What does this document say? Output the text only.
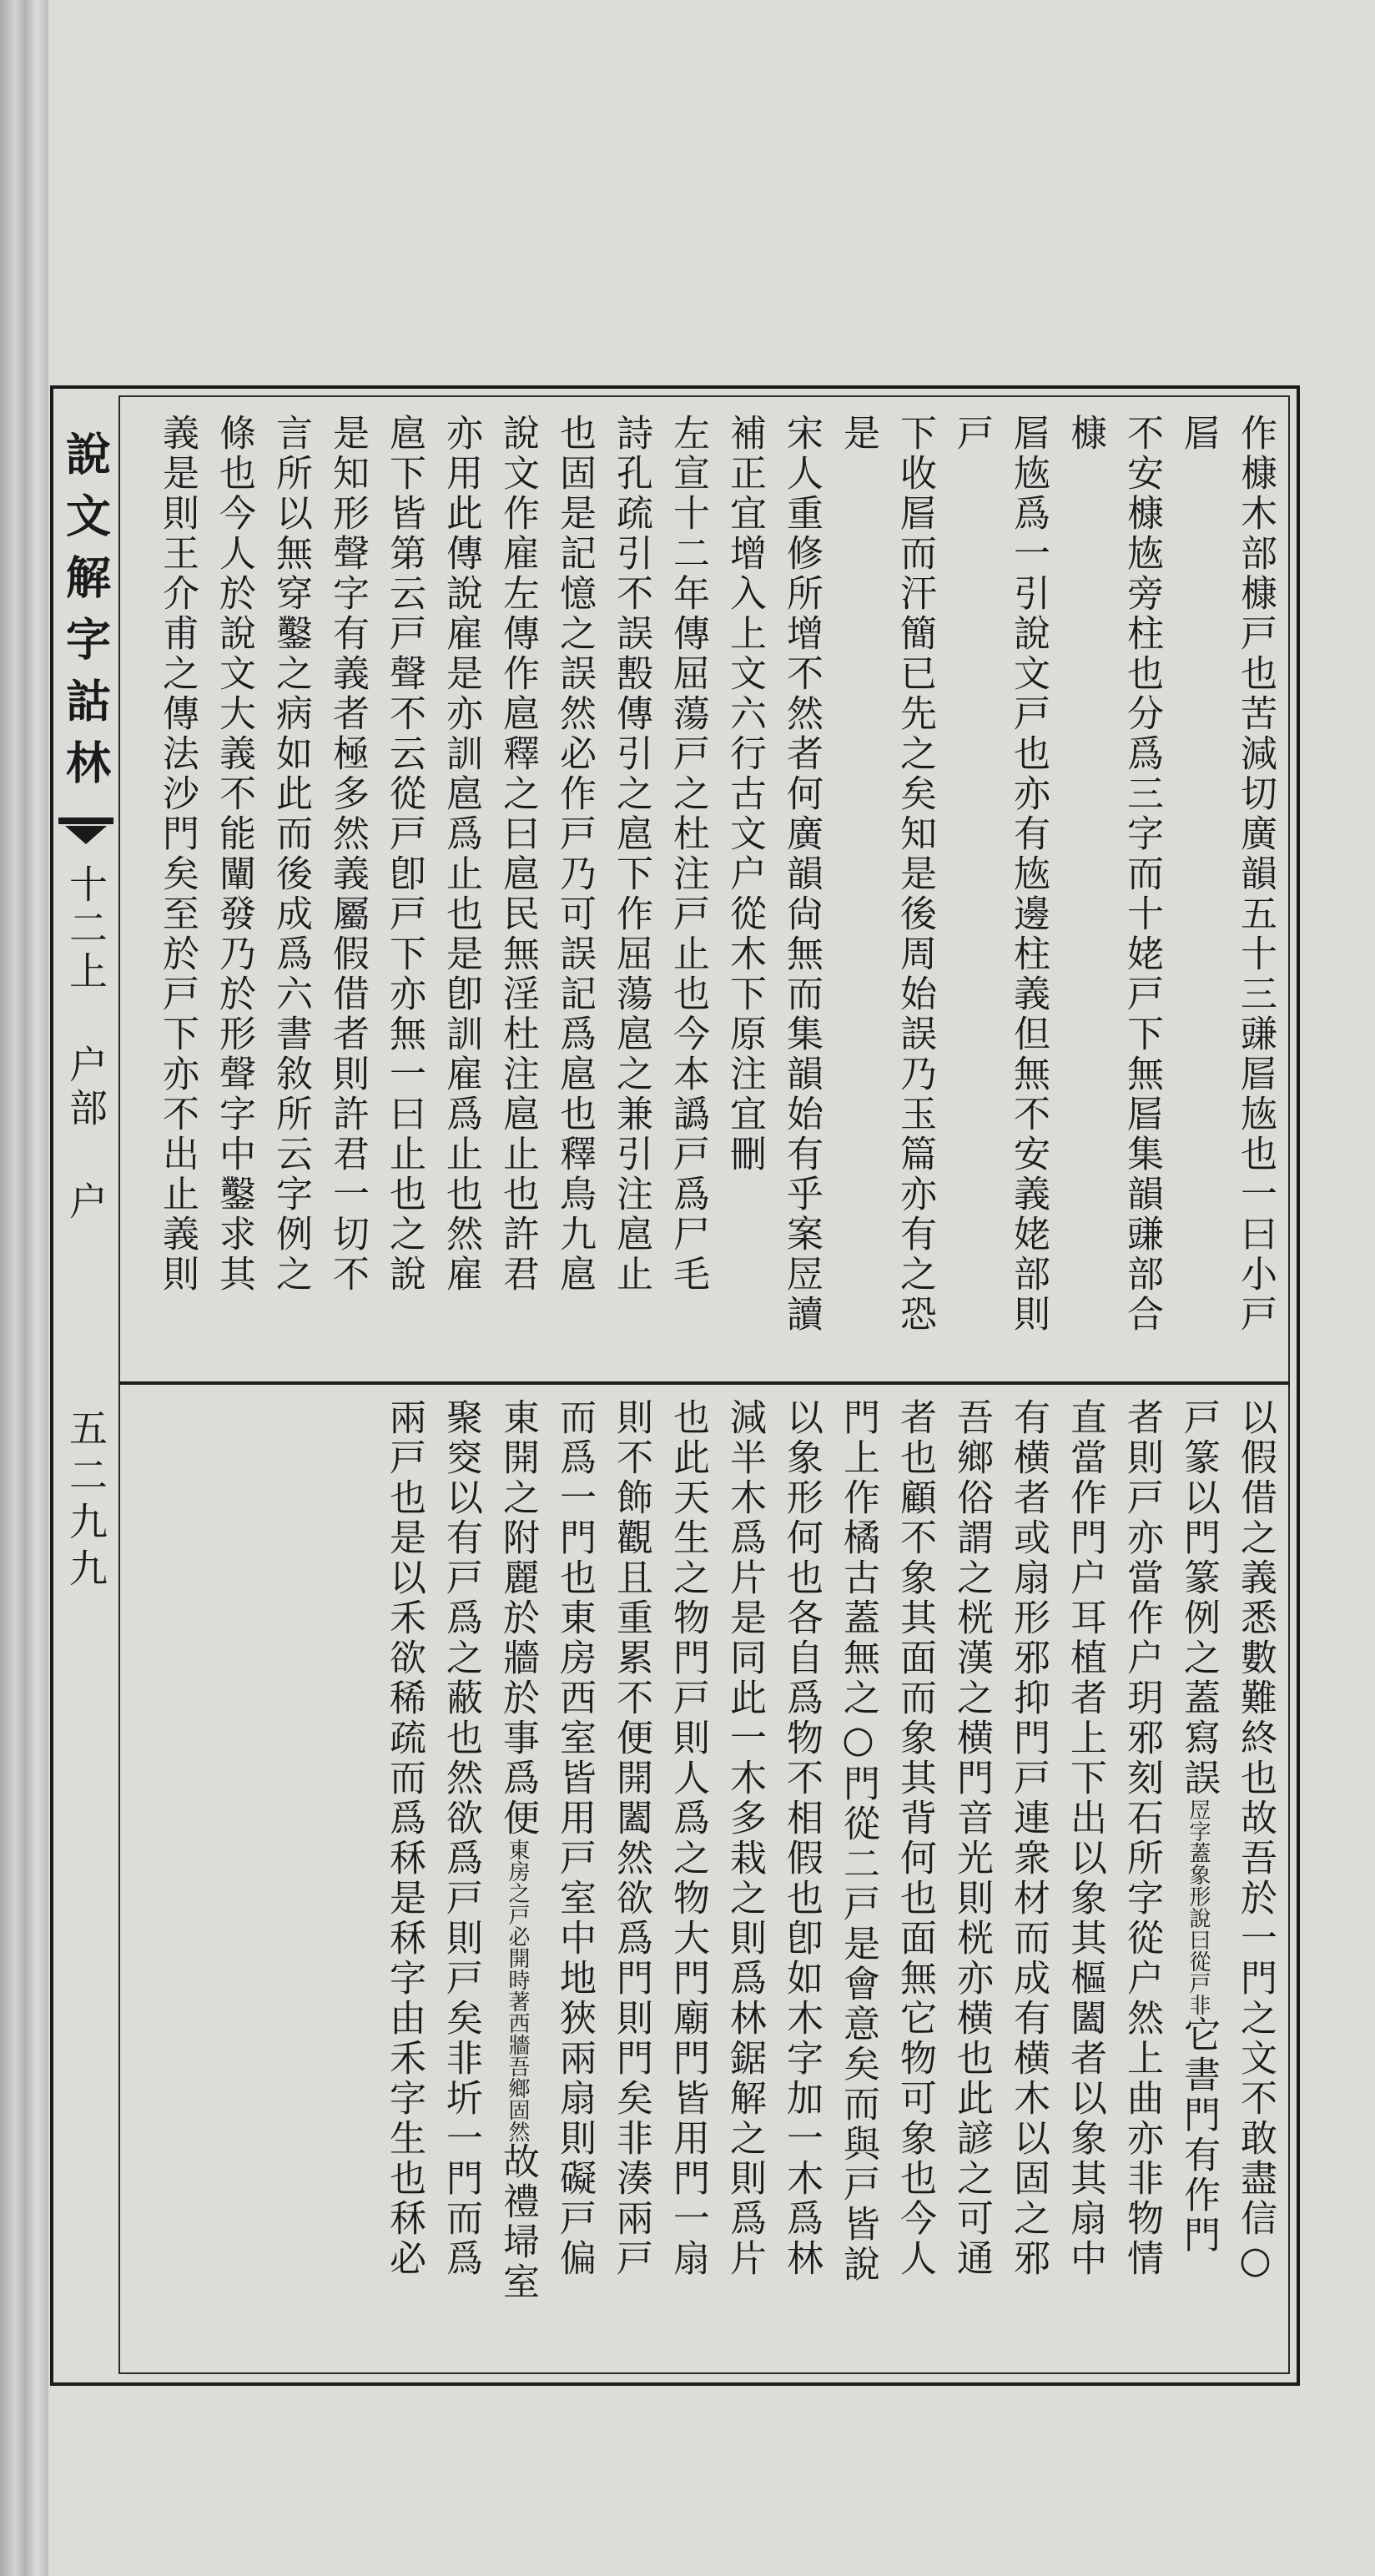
說文解字詁林
十二上
户部
户
五二九九
作槺木部槺戸也苦減切廣韻五十三豏㞓㞀也一曰小戸㞓
不安槺㞀旁柱也分爲三字而十姥戸下無㞓集韻豏部合槺
㞓㞀爲一引說文戸也亦有㞀邊柱義但無不安義姥部則戸
下收㞓而汗簡已先之矣知是後周始誤乃玉篇亦有之恐是
宋人重修所增不然者何廣韻尙無而集韻始有乎案㞐讀
補正宜增入上文六行古文户從木下原注宜刪
左宣十二年傳屈蕩戸之杜注戸止也今本譌戸爲尸毛
詩孔疏引不誤毄傳引之扈下作屈蕩扈之兼引注扈止
也固是記憶之誤然必作戸乃可誤記爲扈也釋鳥九扈
說文作雇左傳作扈釋之曰扈民無淫杜注扈止也許君
亦用此傳說雇是亦訓扈爲止也是卽訓雇爲止也然雇
扈下皆第云戸聲不云從戸卽戸下亦無一曰止也之說
是知形聲字有義者極多然義屬假借者則許君一切不
言所以無穿鑿之病如此而後成爲六書敘所云字例之
條也今人於說文大義不能闡發乃於形聲字中鑿求其
義是則王介甫之傳法沙門矣至於戸下亦不出止義則
以假借之義悉數難終也故吾於一門之文不敢盡信○
戸篆以門篆例之蓋寫誤㞐字蓋象形說曰從戸非它書門有作門
者則戸亦當作户玥邪刻石所字從户然上曲亦非物情
直當作門户耳植者上下出以象其樞闔者以象其扇中
有横者或扇形邪抑門戸連衆材而成有横木以固之邪
吾鄉俗謂之桄漢之横門音光則桄亦横也此諺之可通
者也顧不象其面而象其背何也面無它物可象也今人
門上作橘古蓋無之○門從二戸是會意矣而與戸皆說
以象形何也各自爲物不相假也卽如木字加一木爲林
減半木爲片是同此一木多栽之則爲林鋸解之則爲片
也此天生之物門戸則人爲之物大門廟門皆用門一扇
則不飾觀且重累不便開闔然欲爲門則門矣非湊兩戸
而爲一門也東房西室皆用戸室中地狹兩扇則礙戸偏
東開之附麗於牆於事爲便東房之戸必開時著西牆吾鄉固然故禮埽室
聚窔以有戸爲之蔽也然欲爲戸則戸矣非圻一門而爲
兩戸也是以禾欲稀疏而爲秝是秝字由禾字生也秝必
